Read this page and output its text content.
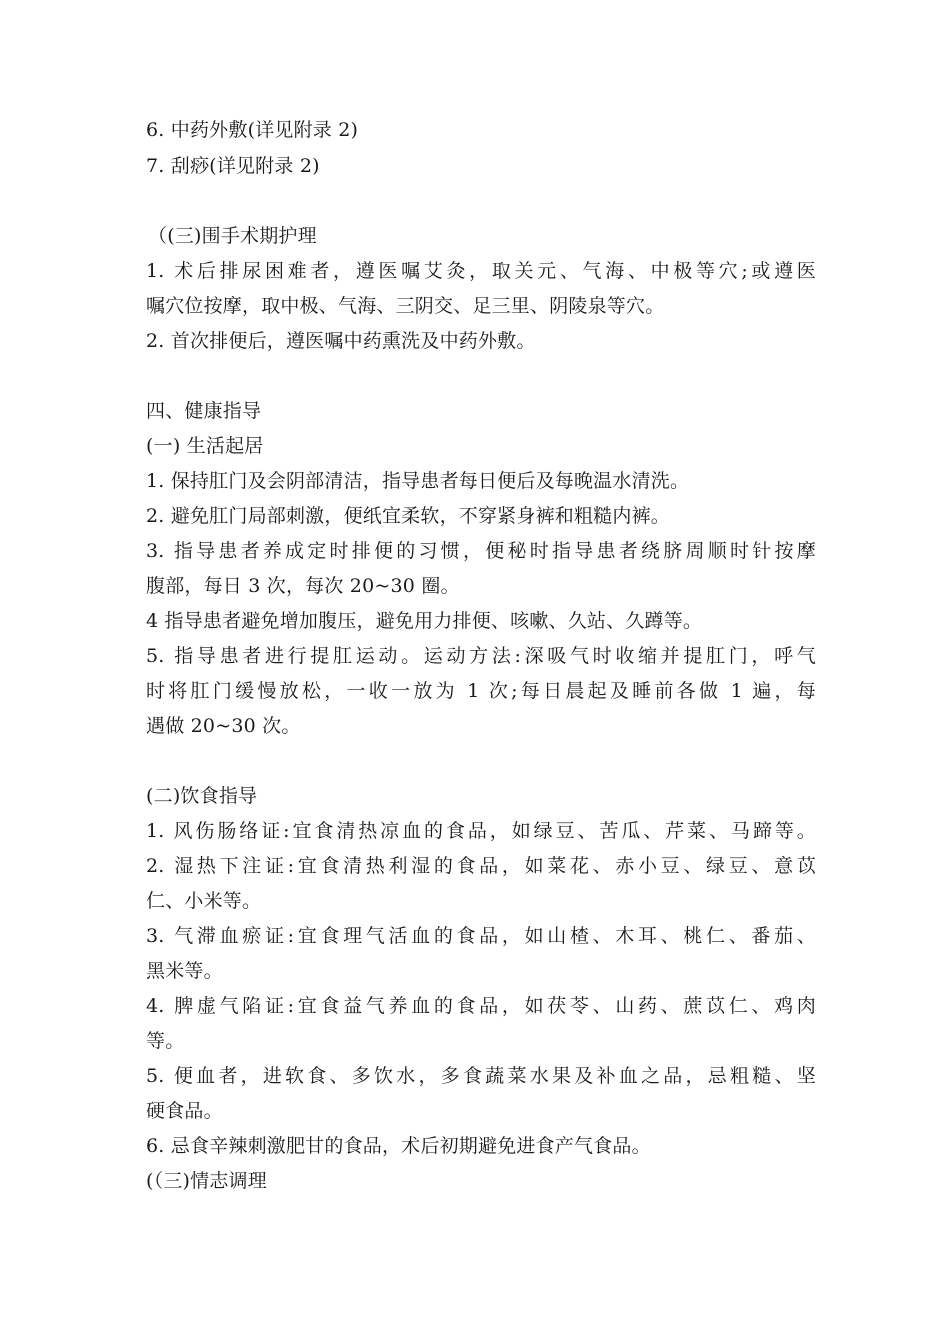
6. 中药外敷(详见附录 2)
7. 刮痧(详见附录 2)
（(三)围手术期护理
1. 术后排尿困难者，遵医嘱艾灸，取关元、气海、中极等穴;或遵医
嘱穴位按摩，取中极、气海、三阴交、足三里、阴陵泉等穴。
2. 首次排便后，遵医嘱中药熏洗及中药外敷。
四、健康指导
(一) 生活起居
1. 保持肛门及会阴部清洁，指导患者每日便后及每晚温水清洗。
2. 避免肛门局部刺激，便纸宜柔软，不穿紧身裤和粗糙内裤。
3. 指导患者养成定时排便的习惯，便秘时指导患者绕脐周顺时针按摩
腹部，每日 3 次，每次 20~30 圈。
4 指导患者避免增加腹压，避免用力排便、咳嗽、久站、久蹲等。
5. 指导患者进行提肛运动。运动方法:深吸气时收缩并提肛门，呼气
时将肛门缓慢放松，一收一放为 1 次;每日晨起及睡前各做 1 遍，每
遇做 20~30 次。
(二)饮食指导
1. 风伤肠络证:宜食清热凉血的食品，如绿豆、苦瓜、芹菜、马蹄等。
2. 湿热下注证:宜食清热利湿的食品，如菜花、赤小豆、绿豆、意苡
仁、小米等。
3. 气滞血瘀证:宜食理气活血的食品，如山楂、木耳、桃仁、番茄、
黑米等。
4. 脾虚气陷证:宜食益气养血的食品，如茯苓、山药、蔗苡仁、鸡肉
等。
5. 便血者，进软食、多饮水，多食蔬菜水果及补血之品，忌粗糙、坚
硬食品。
6. 忌食辛辣刺激肥甘的食品，术后初期避免进食产气食品。
(（三)情志调理
